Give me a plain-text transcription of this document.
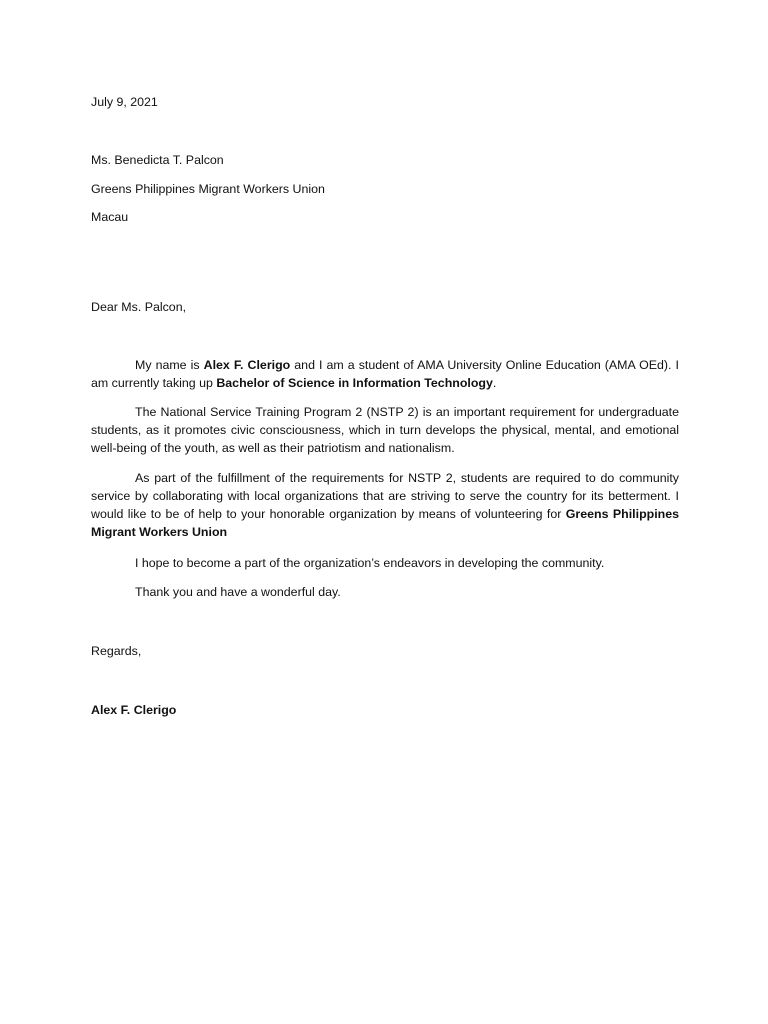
July 9, 2021

Ms. Benedicta T. Palcon

Greens Philippines Migrant Workers Union

Macau

Dear Ms. Palcon,

My name is Alex F. Clerigo and I am a student of AMA University Online Education (AMA OEd). I am currently taking up Bachelor of Science in Information Technology.

The National Service Training Program 2 (NSTP 2) is an important requirement for undergraduate students, as it promotes civic consciousness, which in turn develops the physical, mental, and emotional well-being of the youth, as well as their patriotism and nationalism.

As part of the fulfillment of the requirements for NSTP 2, students are required to do community service by collaborating with local organizations that are striving to serve the country for its betterment. I would like to be of help to your honorable organization by means of volunteering for Greens Philippines Migrant Workers Union

I hope to become a part of the organization’s endeavors in developing the community.

Thank you and have a wonderful day.

Regards,

Alex F. Clerigo
